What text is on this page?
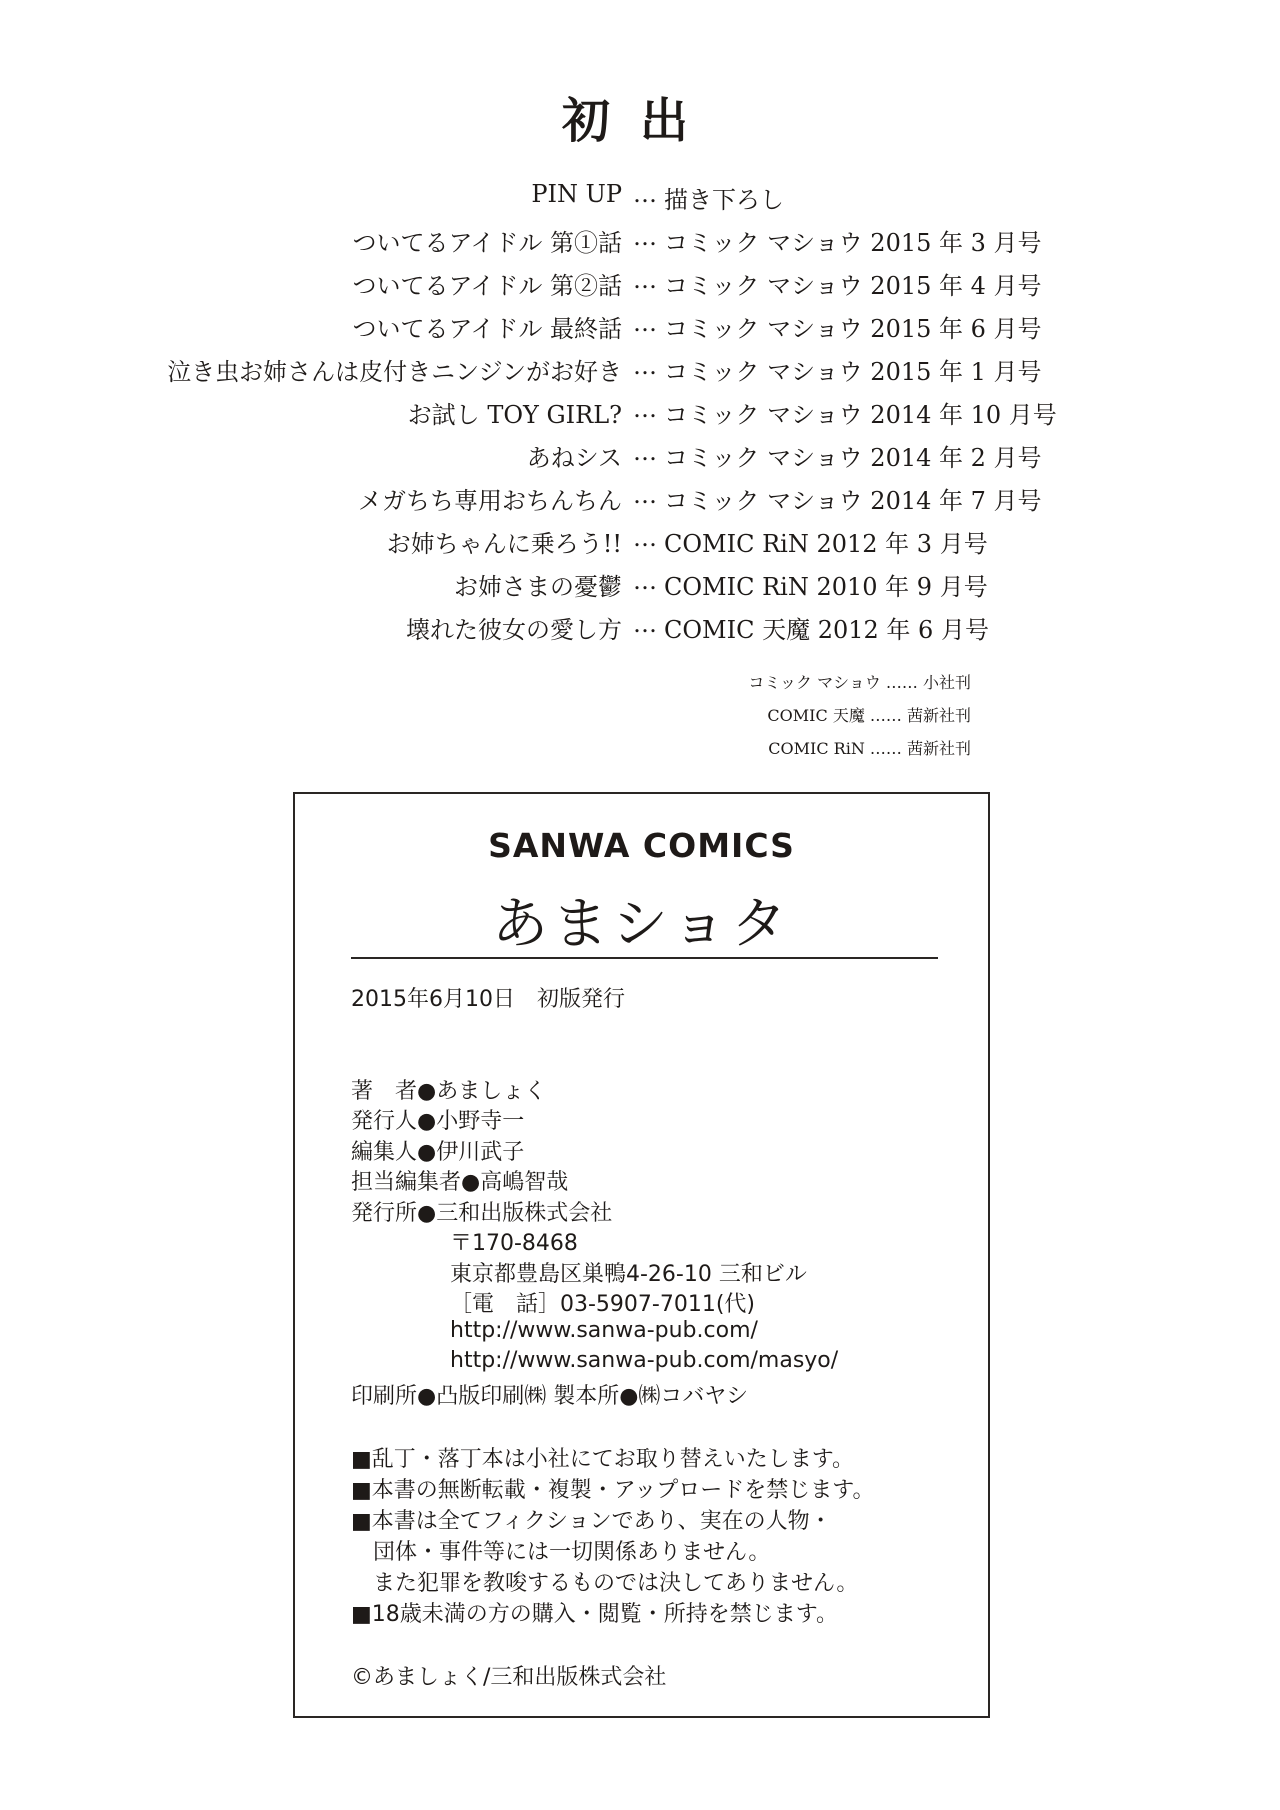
初出
PIN UP … 描き下ろし
ついてるアイドル 第①話 … コミック マショウ 2015 年 3 月号
ついてるアイドル 第②話 … コミック マショウ 2015 年 4 月号
ついてるアイドル 最終話 … コミック マショウ 2015 年 6 月号
泣き虫お姉さんは皮付きニンジンがお好き … コミック マショウ 2015 年 1 月号
お試し TOY GIRL? … コミック マショウ 2014 年 10 月号
あねシス … コミック マショウ 2014 年 2 月号
メガちち専用おちんちん … コミック マショウ 2014 年 7 月号
お姉ちゃんに乗ろう!! … COMIC RiN 2012 年 3 月号
お姉さまの憂鬱 … COMIC RiN 2010 年 9 月号
壊れた彼女の愛し方 … COMIC 天魔 2012 年 6 月号
コミック マショウ …… 小社刊
COMIC 天魔 …… 茜新社刊
COMIC RiN …… 茜新社刊
SANWA COMICS
あまショタ
2015年6月10日　初版発行
著　者●あましょく
発行人●小野寺一
編集人●伊川武子
担当編集者●高嶋智哉
発行所●三和出版株式会社
〒170-8468
東京都豊島区巣鴨4-26-10 三和ビル
［電　話］03-5907-7011(代)
http://www.sanwa-pub.com/
http://www.sanwa-pub.com/masyo/
印刷所●凸版印刷㈱ 製本所●㈱コバヤシ
■乱丁・落丁本は小社にてお取り替えいたします。
■本書の無断転載・複製・アップロードを禁じます。
■本書は全てフィクションであり、実在の人物・
団体・事件等には一切関係ありません。
また犯罪を教唆するものでは決してありません。
■18歳未満の方の購入・閲覧・所持を禁じます。
©あましょく/三和出版株式会社
